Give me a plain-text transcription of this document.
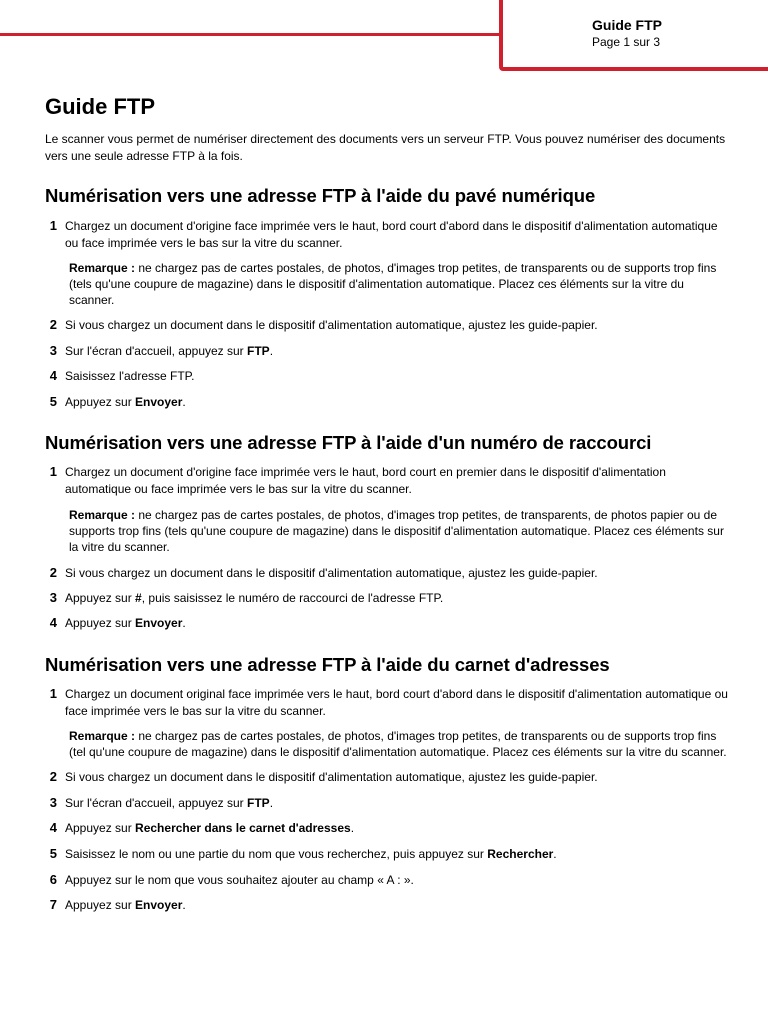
Guide FTP
Page 1 sur 3
Guide FTP

Le scanner vous permet de numériser directement des documents vers un serveur FTP. Vous pouvez numériser des documents vers une seule adresse FTP à la fois.

Numérisation vers une adresse FTP à l'aide du pavé numérique
1 Chargez un document d'origine face imprimée vers le haut, bord court d'abord dans le dispositif d'alimentation automatique ou face imprimée vers le bas sur la vitre du scanner.
Remarque : ne chargez pas de cartes postales, de photos, d'images trop petites, de transparents ou de supports trop fins (tels qu'une coupure de magazine) dans le dispositif d'alimentation automatique. Placez ces éléments sur la vitre du scanner.
2 Si vous chargez un document dans le dispositif d'alimentation automatique, ajustez les guide-papier.
3 Sur l'écran d'accueil, appuyez sur FTP.
4 Saisissez l'adresse FTP.
5 Appuyez sur Envoyer.
Numérisation vers une adresse FTP à l'aide d'un numéro de raccourci
1 Chargez un document d'origine face imprimée vers le haut, bord court en premier dans le dispositif d'alimentation automatique ou face imprimée vers le bas sur la vitre du scanner.
Remarque : ne chargez pas de cartes postales, de photos, d'images trop petites, de transparents, de photos papier ou de supports trop fins (tels qu'une coupure de magazine) dans le dispositif d'alimentation automatique. Placez ces éléments sur la vitre du scanner.
2 Si vous chargez un document dans le dispositif d'alimentation automatique, ajustez les guide-papier.
3 Appuyez sur #, puis saisissez le numéro de raccourci de l'adresse FTP.
4 Appuyez sur Envoyer.
Numérisation vers une adresse FTP à l'aide du carnet d'adresses
1 Chargez un document original face imprimée vers le haut, bord court d'abord dans le dispositif d'alimentation automatique ou face imprimée vers le bas sur la vitre du scanner.
Remarque : ne chargez pas de cartes postales, de photos, d'images trop petites, de transparents ou de supports trop fins (tel qu'une coupure de magazine) dans le dispositif d'alimentation automatique. Placez ces éléments sur la vitre du scanner.
2 Si vous chargez un document dans le dispositif d'alimentation automatique, ajustez les guide-papier.
3 Sur l'écran d'accueil, appuyez sur FTP.
4 Appuyez sur Rechercher dans le carnet d'adresses.
5 Saisissez le nom ou une partie du nom que vous recherchez, puis appuyez sur Rechercher.
6 Appuyez sur le nom que vous souhaitez ajouter au champ « A : ».
7 Appuyez sur Envoyer.
